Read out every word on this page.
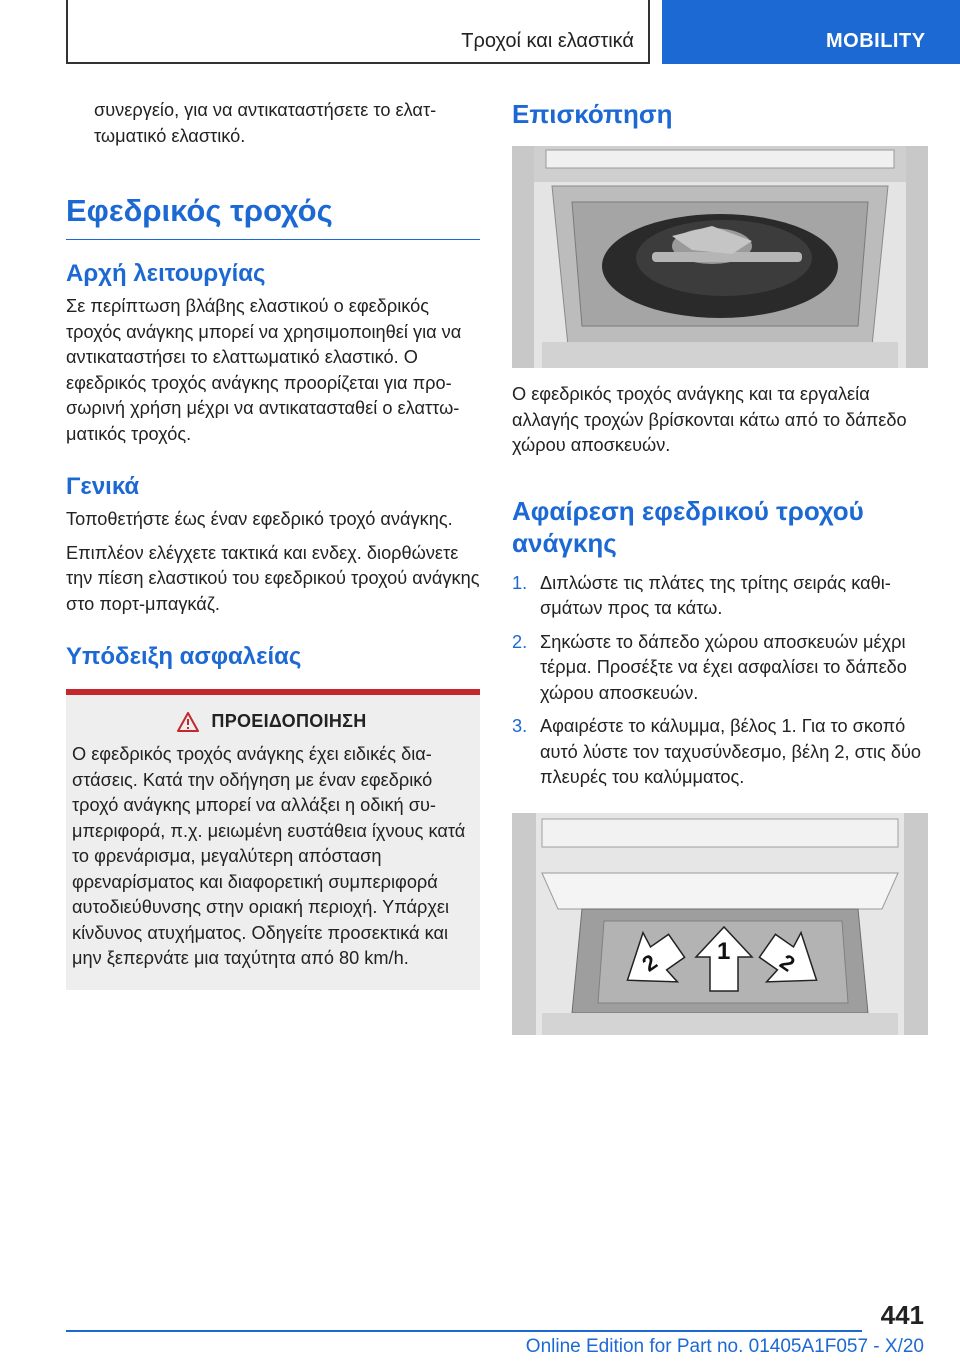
Τροχοί και ελαστικά	MOBILITY

συνεργείο, για να αντικαταστήσετε το ελαττωματικό ελαστικό.

Εφεδρικός τροχός
Αρχή λειτουργίας

Σε περίπτωση βλάβης ελαστικού ο εφεδρικός τροχός ανάγκης μπορεί να χρησιμοποιηθεί για να αντικαταστήσει το ελαττωματικό ελαστικό. Ο εφεδρικός τροχός ανάγκης προορίζεται για προσωρινή χρήση μέχρι να αντικατασταθεί ο ελαττωματικός τροχός.

Γενικά

Τοποθετήστε έως έναν εφεδρικό τροχό ανάγκης.

Επιπλέον ελέγχετε τακτικά και ενδεχ. διορθώνετε την πίεση ελαστικού του εφεδρικού τροχού ανάγκης στο πορτ-μπαγκάζ.

Υπόδειξη ασφαλείας
ΠΡΟΕΙΔΟΠΟΙΗΣΗ

Ο εφεδρικός τροχός ανάγκης έχει ειδικές διαστάσεις. Κατά την οδήγηση με έναν εφεδρικό τροχό ανάγκης μπορεί να αλλάξει η οδική συμπεριφορά, π.χ. μειωμένη ευστάθεια ίχνους κατά το φρενάρισμα, μεγαλύτερη απόσταση φρεναρίσματος και διαφορετική συμπεριφορά αυτοδιεύθυνσης στην οριακή περιοχή. Υπάρχει κίνδυνος ατυχήματος. Οδηγείτε προσεκτικά και μην ξεπερνάτε μια ταχύτητα από 80 km/h.

Επισκόπηση

Ο εφεδρικός τροχός ανάγκης και τα εργαλεία αλλαγής τροχών βρίσκονται κάτω από το δάπεδο χώρου αποσκευών.

Αφαίρεση εφεδρικού τροχού ανάγκης
1. Διπλώστε τις πλάτες της τρίτης σειράς καθισμάτων προς τα κάτω.
2. Σηκώστε το δάπεδο χώρου αποσκευών μέχρι τέρμα. Προσέξτε να έχει ασφαλίσει το δάπεδο χώρου αποσκευών.
3. Αφαιρέστε το κάλυμμα, βέλος 1. Για το σκοπό αυτό λύστε τον ταχυσύνδεσμο, βέλη 2, στις δύο πλευρές του καλύμματος.
2 1 2
441
Online Edition for Part no. 01405A1F057 - X/20
